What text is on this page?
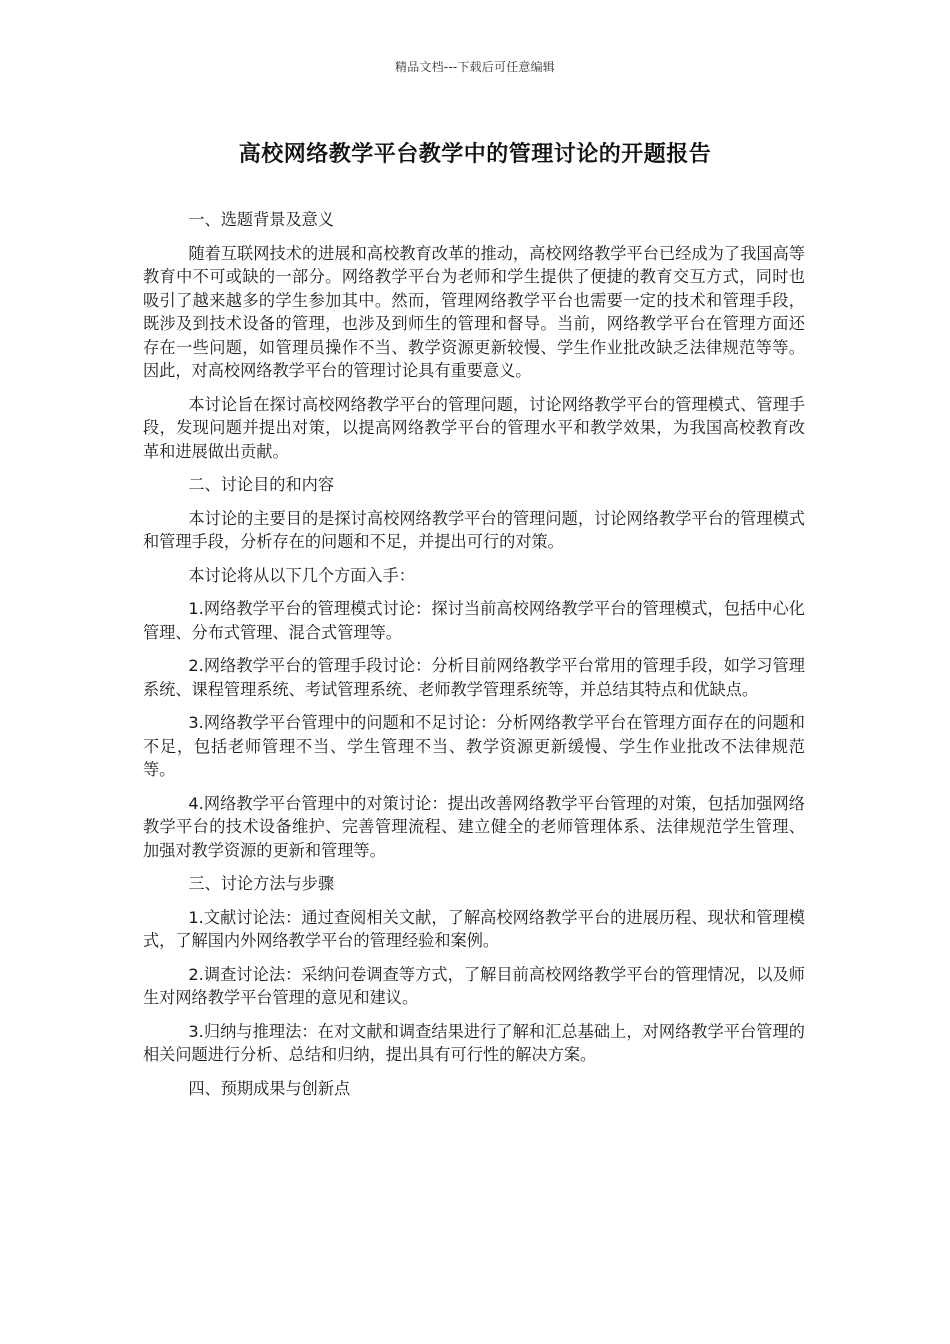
精品文档---下载后可任意编辑
高校网络教学平台教学中的管理讨论的开题报告

一、选题背景及意义

随着互联网技术的进展和高校教育改革的推动，高校网络教学平台已经成为了我国高等教育中不可或缺的一部分。网络教学平台为老师和学生提供了便捷的教育交互方式，同时也吸引了越来越多的学生参加其中。然而，管理网络教学平台也需要一定的技术和管理手段，既涉及到技术设备的管理，也涉及到师生的管理和督导。当前，网络教学平台在管理方面还存在一些问题，如管理员操作不当、教学资源更新较慢、学生作业批改缺乏法律规范等等。因此，对高校网络教学平台的管理讨论具有重要意义。

本讨论旨在探讨高校网络教学平台的管理问题，讨论网络教学平台的管理模式、管理手段，发现问题并提出对策，以提高网络教学平台的管理水平和教学效果，为我国高校教育改革和进展做出贡献。

二、讨论目的和内容

本讨论的主要目的是探讨高校网络教学平台的管理问题，讨论网络教学平台的管理模式和管理手段，分析存在的问题和不足，并提出可行的对策。

本讨论将从以下几个方面入手：

1.网络教学平台的管理模式讨论：探讨当前高校网络教学平台的管理模式，包括中心化管理、分布式管理、混合式管理等。

2.网络教学平台的管理手段讨论：分析目前网络教学平台常用的管理手段，如学习管理系统、课程管理系统、考试管理系统、老师教学管理系统等，并总结其特点和优缺点。

3.网络教学平台管理中的问题和不足讨论：分析网络教学平台在管理方面存在的问题和不足，包括老师管理不当、学生管理不当、教学资源更新缓慢、学生作业批改不法律规范等。

4.网络教学平台管理中的对策讨论：提出改善网络教学平台管理的对策，包括加强网络教学平台的技术设备维护、完善管理流程、建立健全的老师管理体系、法律规范学生管理、加强对教学资源的更新和管理等。

三、讨论方法与步骤

1.文献讨论法：通过查阅相关文献，了解高校网络教学平台的进展历程、现状和管理模式，了解国内外网络教学平台的管理经验和案例。

2.调查讨论法：采纳问卷调查等方式，了解目前高校网络教学平台的管理情况，以及师生对网络教学平台管理的意见和建议。

3.归纳与推理法：在对文献和调查结果进行了解和汇总基础上，对网络教学平台管理的相关问题进行分析、总结和归纳，提出具有可行性的解决方案。

四、预期成果与创新点
